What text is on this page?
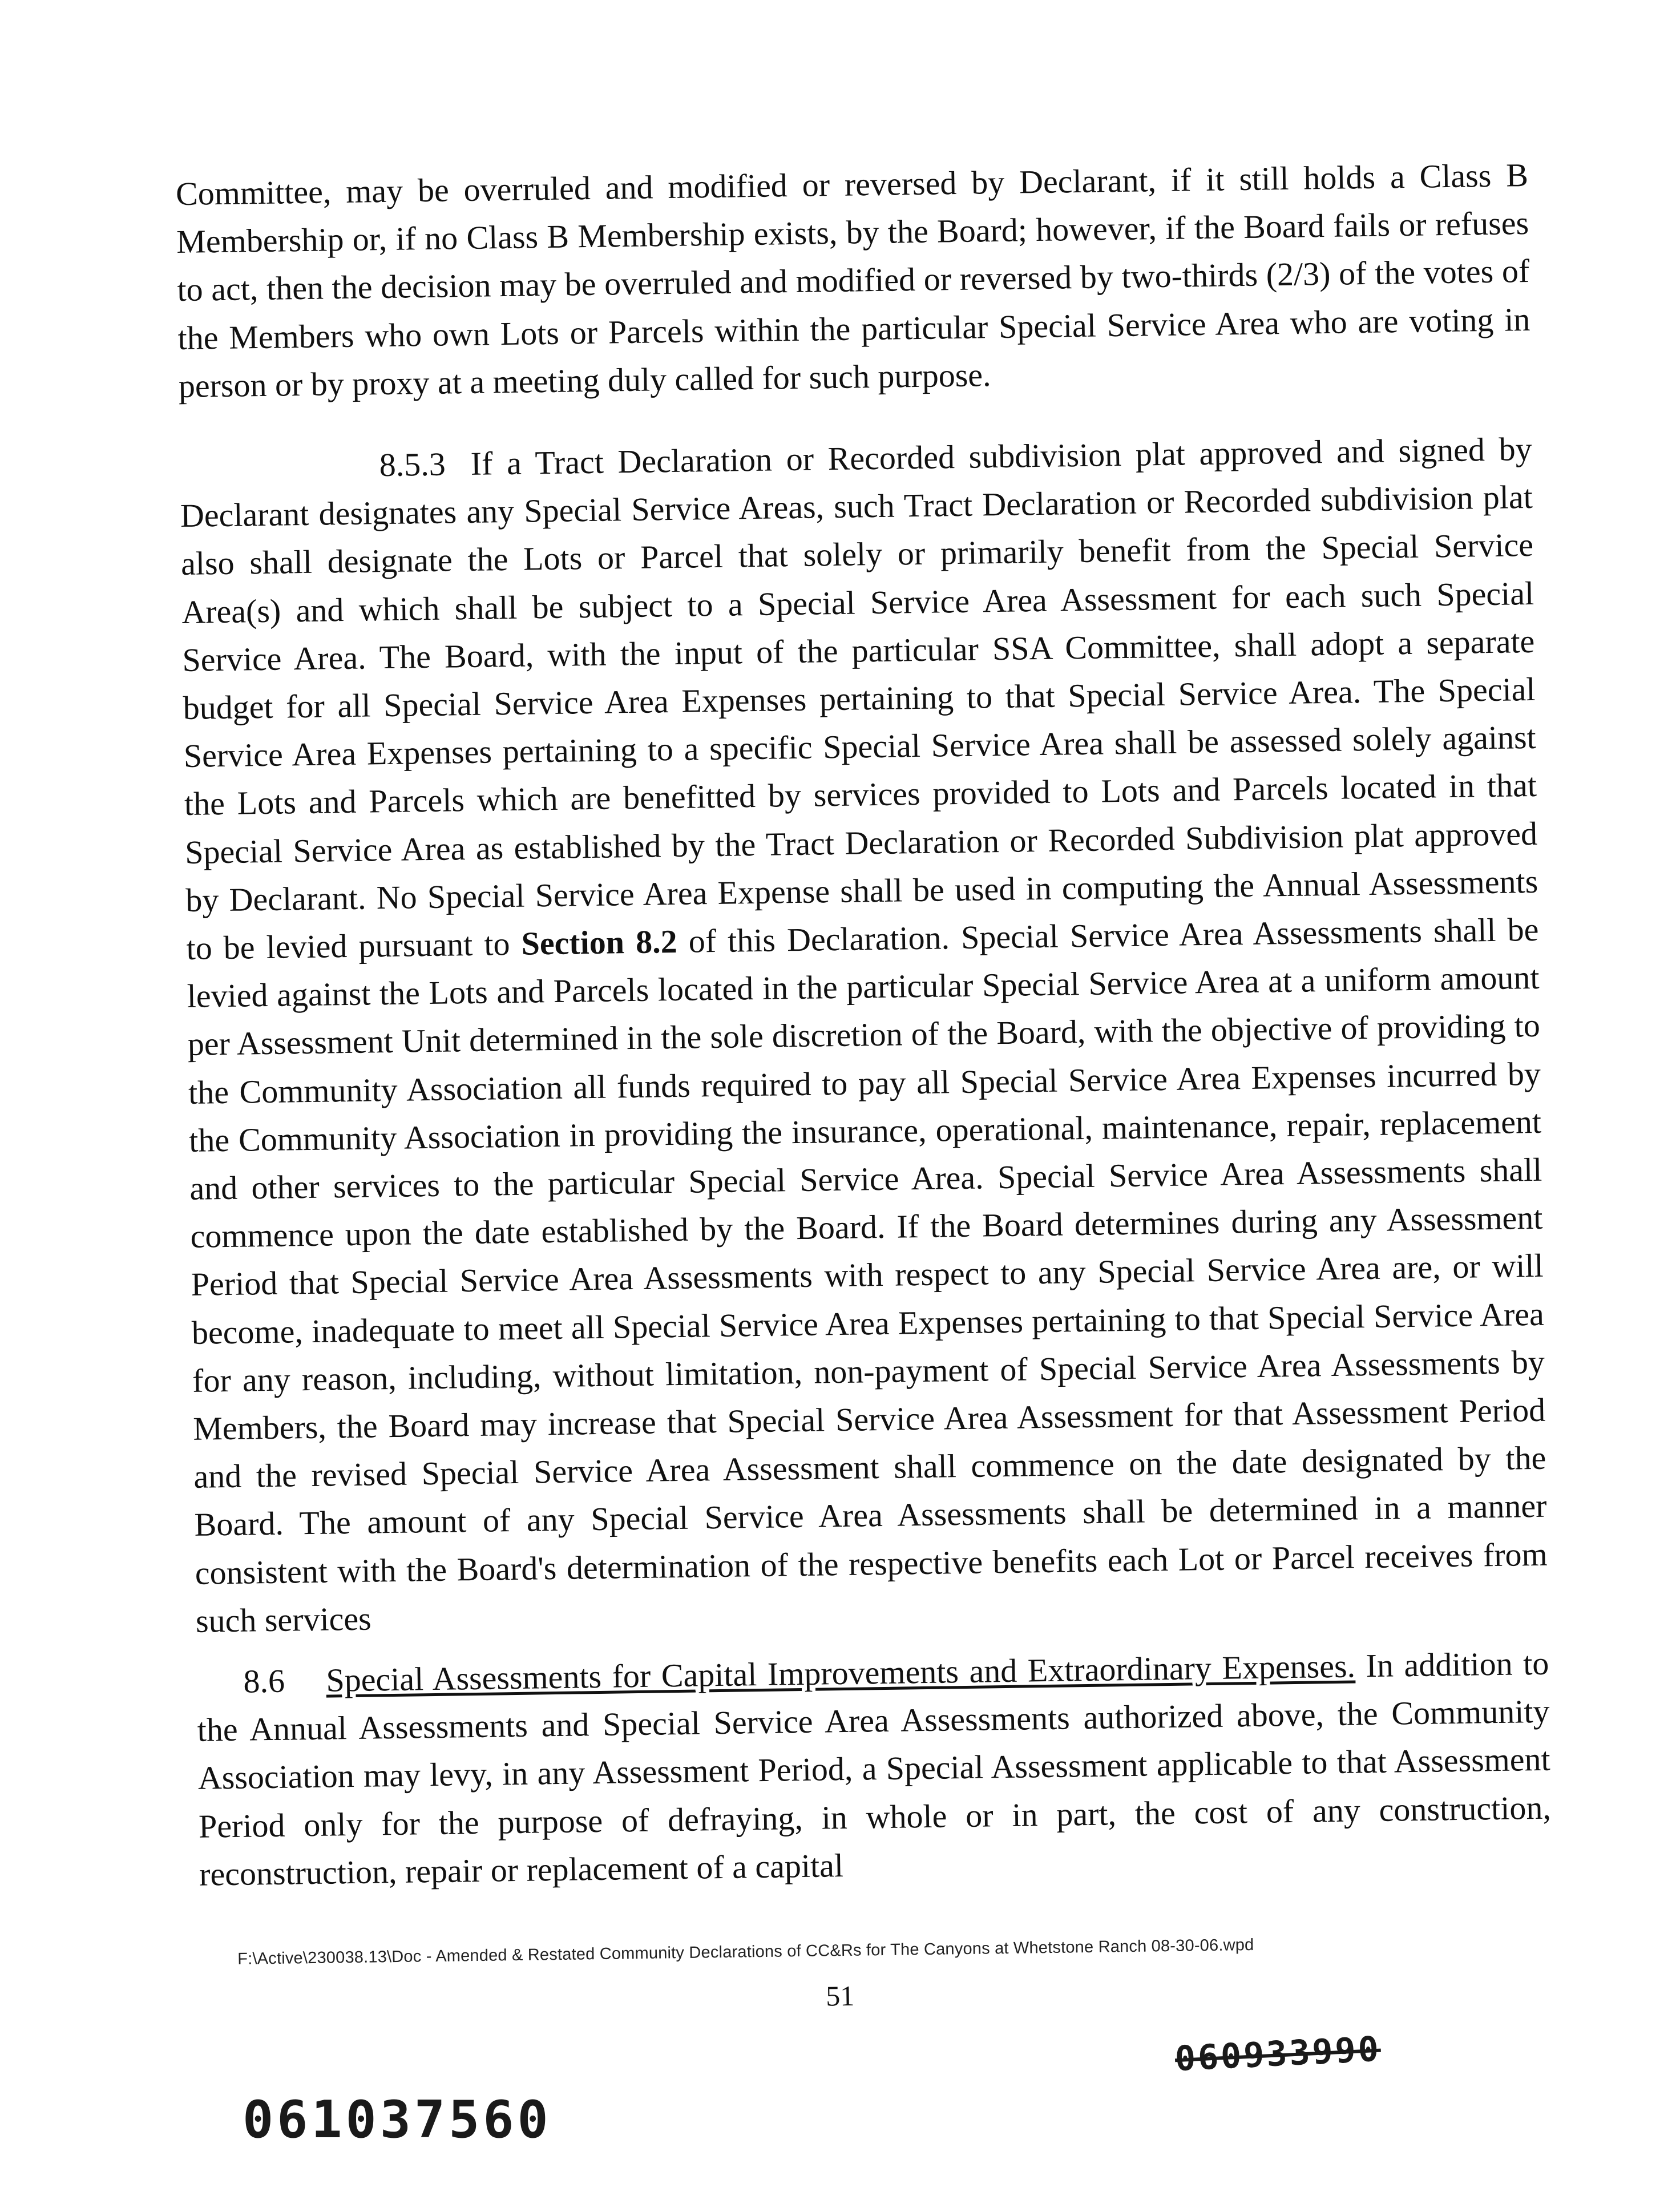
Committee, may be overruled and modified or reversed by Declarant, if it still holds a Class B Membership or, if no Class B Membership exists, by the Board; however, if the Board fails or refuses to act, then the decision may be overruled and modified or reversed by two-thirds (2/3) of the votes of the Members who own Lots or Parcels within the particular Special Service Area who are voting in person or by proxy at a meeting duly called for such purpose.

8.5.3 If a Tract Declaration or Recorded subdivision plat approved and signed by Declarant designates any Special Service Areas, such Tract Declaration or Recorded subdivision plat also shall designate the Lots or Parcel that solely or primarily benefit from the Special Service Area(s) and which shall be subject to a Special Service Area Assessment for each such Special Service Area. The Board, with the input of the particular SSA Committee, shall adopt a separate budget for all Special Service Area Expenses pertaining to that Special Service Area. The Special Service Area Expenses pertaining to a specific Special Service Area shall be assessed solely against the Lots and Parcels which are benefitted by services provided to Lots and Parcels located in that Special Service Area as established by the Tract Declaration or Recorded Subdivision plat approved by Declarant. No Special Service Area Expense shall be used in computing the Annual Assessments to be levied pursuant to Section 8.2 of this Declaration. Special Service Area Assessments shall be levied against the Lots and Parcels located in the particular Special Service Area at a uniform amount per Assessment Unit determined in the sole discretion of the Board, with the objective of providing to the Community Association all funds required to pay all Special Service Area Expenses incurred by the Community Association in providing the insurance, operational, maintenance, repair, replacement and other services to the particular Special Service Area. Special Service Area Assessments shall commence upon the date established by the Board. If the Board determines during any Assessment Period that Special Service Area Assessments with respect to any Special Service Area are, or will become, inadequate to meet all Special Service Area Expenses pertaining to that Special Service Area for any reason, including, without limitation, non-payment of Special Service Area Assessments by Members, the Board may increase that Special Service Area Assessment for that Assessment Period and the revised Special Service Area Assessment shall commence on the date designated by the Board. The amount of any Special Service Area Assessments shall be determined in a manner consistent with the Board's determination of the respective benefits each Lot or Parcel receives from such services

8.6 Special Assessments for Capital Improvements and Extraordinary Expenses. In addition to the Annual Assessments and Special Service Area Assessments authorized above, the Community Association may levy, in any Assessment Period, a Special Assessment applicable to that Assessment Period only for the purpose of defraying, in whole or in part, the cost of any construction, reconstruction, repair or replacement of a capital

F:\Active\230038.13\Doc - Amended & Restated Community Declarations of CC&Rs for The Canyons at Whetstone Ranch 08-30-06.wpd
51
060933990
061037560
